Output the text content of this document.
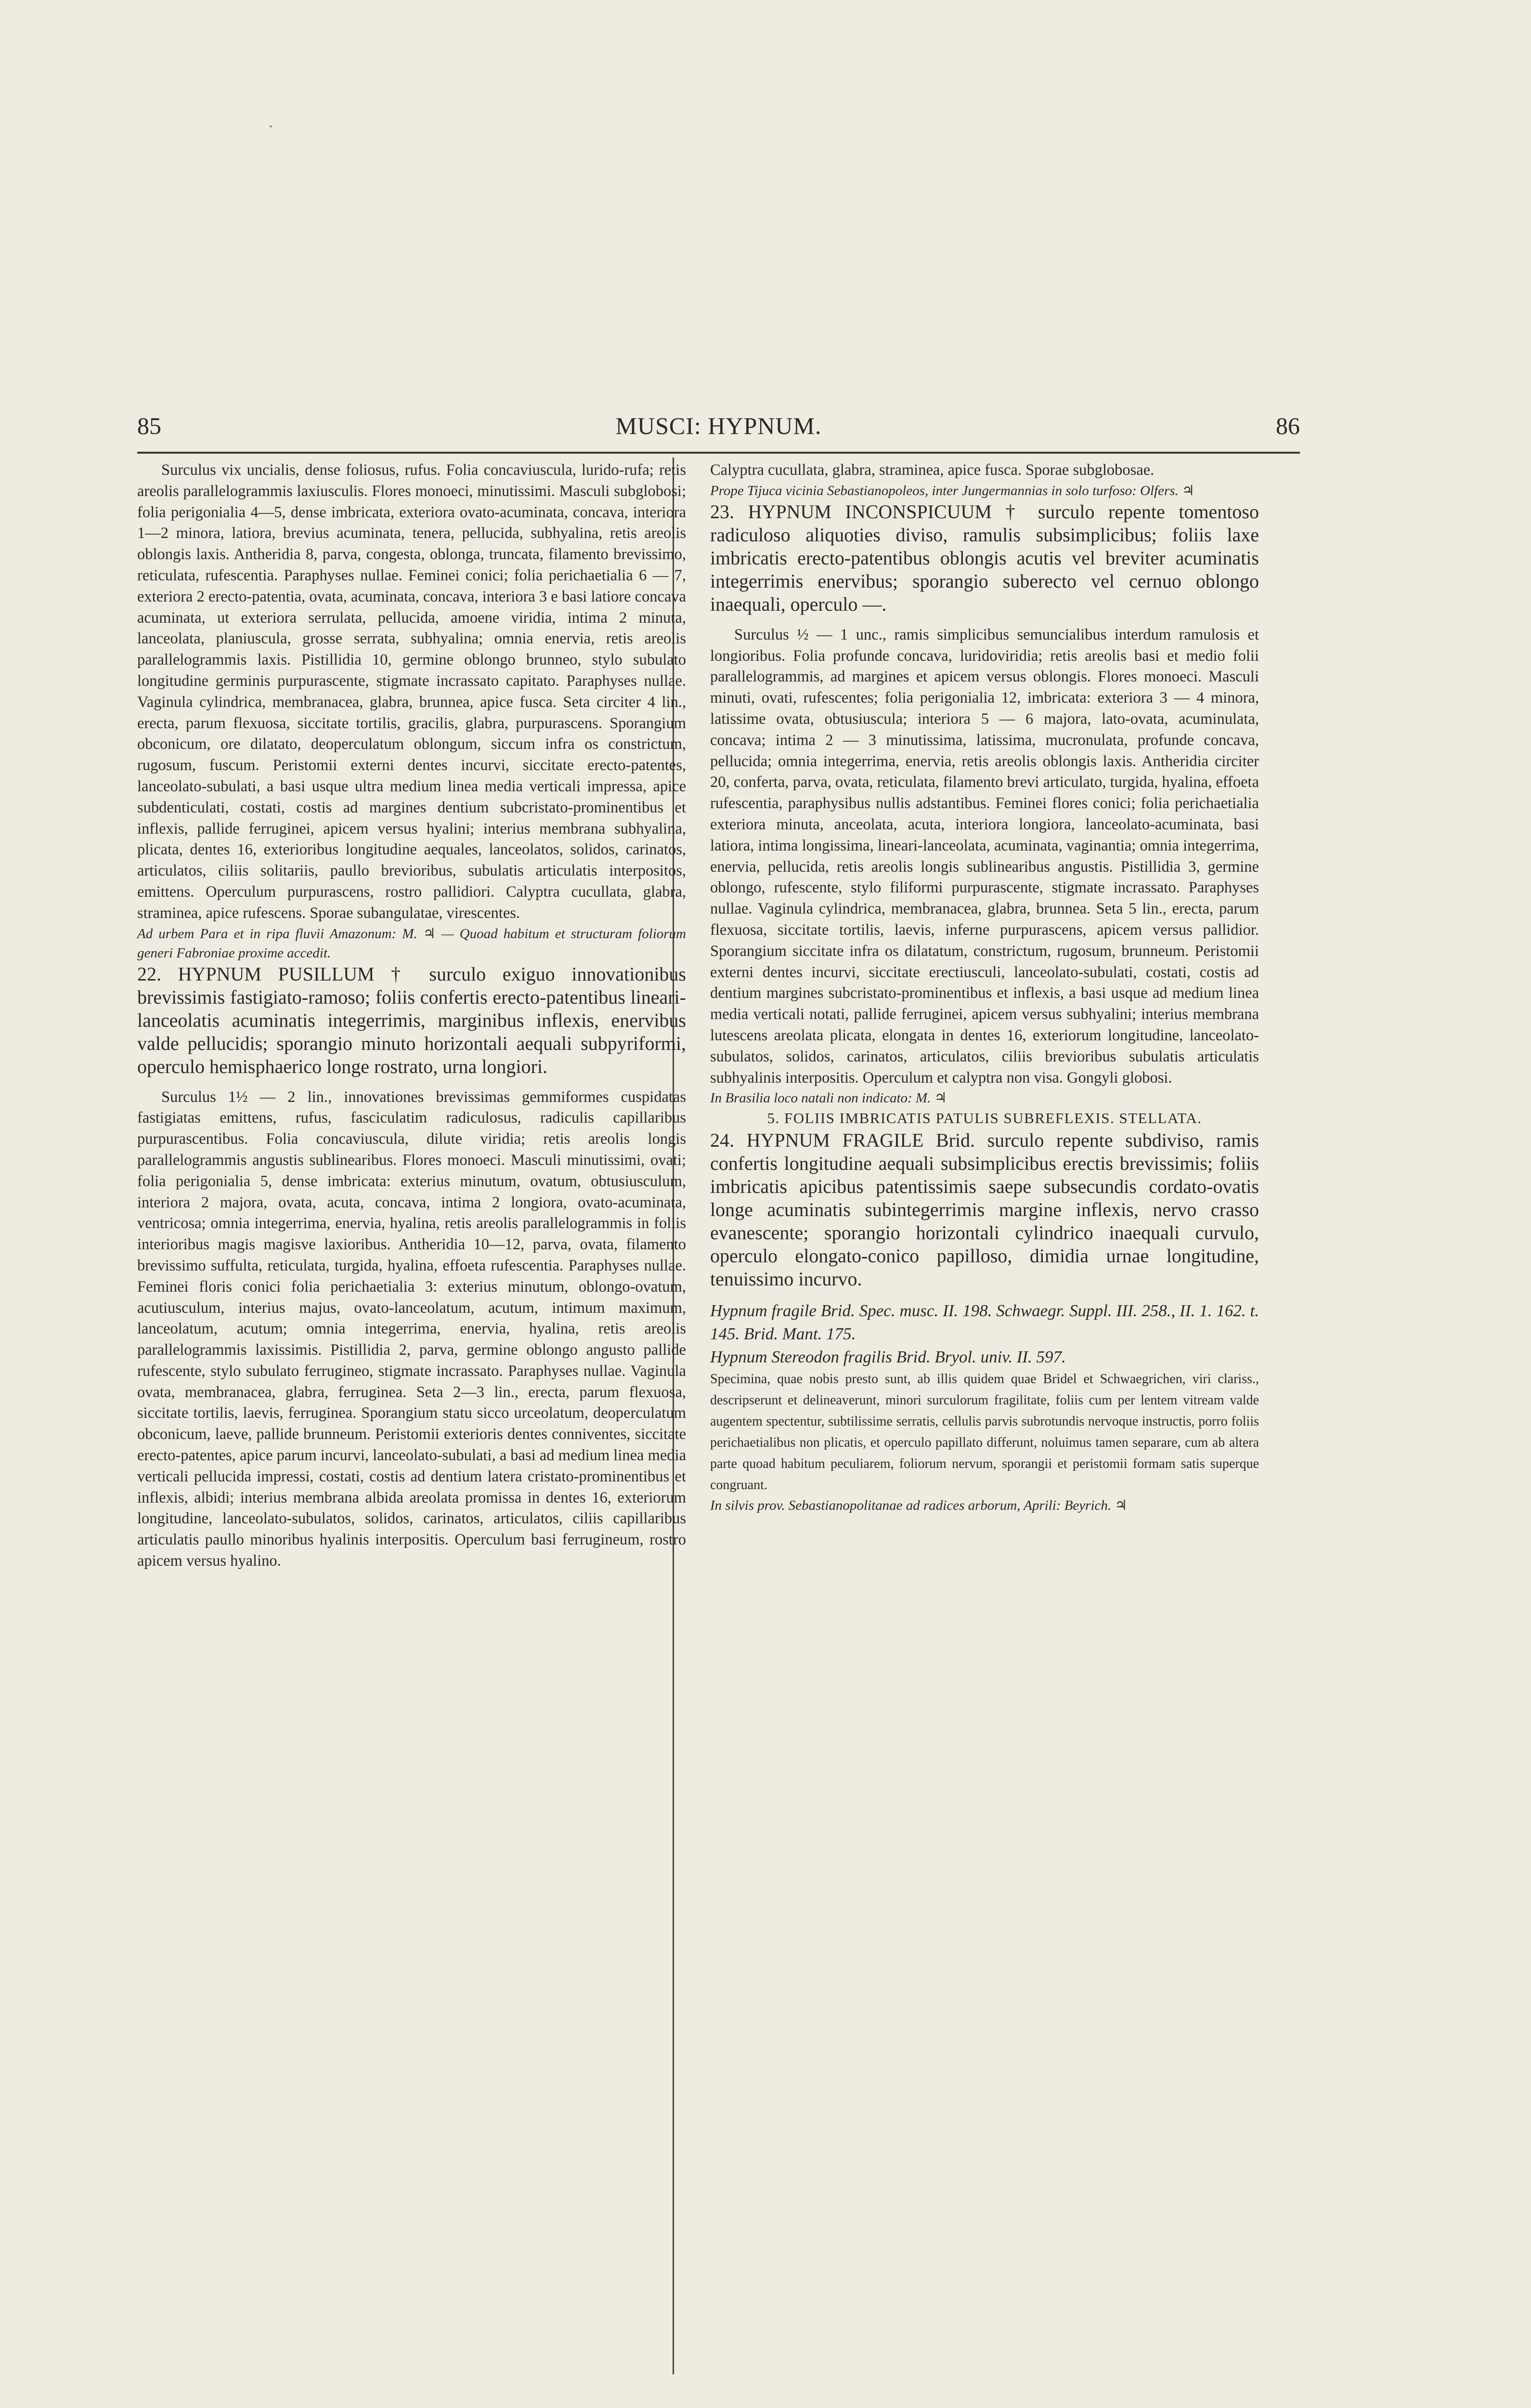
85	MUSCI: HYPNUM.	86

Surculus vix uncialis, dense foliosus, rufus. Folia concaviuscula, lurido-rufa; retis areolis parallelogrammis laxiusculis. Flores monoeci, minutissimi. Masculi subglobosi; folia perigonialia 4—5, dense imbricata, exteriora ovato-acuminata, concava, interiora 1—2 minora, latiora, brevius acuminata, tenera, pellucida, subhyalina, retis areolis oblongis laxis. Antheridia 8, parva, congesta, oblonga, truncata, filamento brevissimo, reticulata, rufescentia. Paraphyses nullae. Feminei conici; folia perichaetialia 6 — 7, exteriora 2 erecto-patentia, ovata, acuminata, concava, interiora 3 e basi latiore concava acuminata, ut exteriora serrulata, pellucida, amoene viridia, intima 2 minuta, lanceolata, planiuscula, grosse serrata, subhyalina; omnia enervia, retis areolis parallelogrammis laxis. Pistillidia 10, germine oblongo brunneo, stylo subulato longitudine germinis purpurascente, stigmate incrassato capitato. Paraphyses nullae. Vaginula cylindrica, membranacea, glabra, brunnea, apice fusca. Seta circiter 4 lin., erecta, parum flexuosa, siccitate tortilis, gracilis, glabra, purpurascens. Sporangium obconicum, ore dilatato, deoperculatum oblongum, siccum infra os constrictum, rugosum, fuscum. Peristomii externi dentes incurvi, siccitate erecto-patentes, lanceolato-subulati, a basi usque ultra medium linea media verticali impressa, apice subdenticulati, costati, costis ad margines dentium subcristato-prominentibus et inflexis, pallide ferruginei, apicem versus hyalini; interius membrana subhyalina, plicata, dentes 16, exterioribus longitudine aequales, lanceolatos, solidos, carinatos, articulatos, ciliis solitariis, paullo brevioribus, subulatis articulatis interpositos, emittens. Operculum purpurascens, rostro pallidiori. Calyptra cucullata, glabra, straminea, apice rufescens. Sporae subangulatae, virescentes.

Ad urbem Para et in ripa fluvii Amazonum: M. ♃ — Quoad habitum et structuram foliorum generi Fabroniae proxime accedit.

22. HYPNUM PUSILLUM † surculo exiguo innovationibus brevissimis fastigiato-ramoso; foliis confertis erecto-patentibus lineari-lanceolatis acuminatis integerrimis, marginibus inflexis, enervibus valde pellucidis; sporangio minuto horizontali aequali subpyriformi, operculo hemisphaerico longe rostrato, urna longiori.

Surculus 1½ — 2 lin., innovationes brevissimas gemmiformes cuspidatas fastigiatas emittens, rufus, fasciculatim radiculosus, radiculis capillaribus purpurascentibus. Folia concaviuscula, dilute viridia; retis areolis longis parallelogrammis angustis sublinearibus. Flores monoeci. Masculi minutissimi, ovati; folia perigonialia 5, dense imbricata: exterius minutum, ovatum, obtusiusculum, interiora 2 majora, ovata, acuta, concava, intima 2 longiora, ovato-acuminata, ventricosa; omnia integerrima, enervia, hyalina, retis areolis parallelogrammis in foliis interioribus magis magisve laxioribus. Antheridia 10—12, parva, ovata, filamento brevissimo suffulta, reticulata, turgida, hyalina, effoeta rufescentia. Paraphyses nullae. Feminei floris conici folia perichaetialia 3: exterius minutum, oblongo-ovatum, acutiusculum, interius majus, ovato-lanceolatum, acutum, intimum maximum, lanceolatum, acutum; omnia integerrima, enervia, hyalina, retis areolis parallelogrammis laxissimis. Pistillidia 2, parva, germine oblongo angusto pallide rufescente, stylo subulato ferrugineo, stigmate incrassato. Paraphyses nullae. Vaginula ovata, membranacea, glabra, ferruginea. Seta 2—3 lin., erecta, parum flexuosa, siccitate tortilis, laevis, ferruginea. Sporangium statu sicco urceolatum, deoperculatum obconicum, laeve, pallide brunneum. Peristomii exterioris dentes conniventes, siccitate erecto-patentes, apice parum incurvi, lanceolato-subulati, a basi ad medium linea media verticali pellucida impressi, costati, costis ad dentium latera cristato-prominentibus et inflexis, albidi; interius membrana albida areolata promissa in dentes 16, exteriorum longitudine, lanceolato-subulatos, solidos, carinatos, articulatos, ciliis capillaribus articulatis paullo minoribus hyalinis interpositis. Operculum basi ferrugineum, rostro apicem versus hyalino.

Calyptra cucullata, glabra, straminea, apice fusca. Sporae subglobosae.

Prope Tijuca vicinia Sebastianopoleos, inter Jungermannias in solo turfoso: Olfers. ♃

23. HYPNUM INCONSPICUUM † surculo repente tomentoso radiculoso aliquoties diviso, ramulis subsimplicibus; foliis laxe imbricatis erecto-patentibus oblongis acutis vel breviter acuminatis integerrimis enervibus; sporangio suberecto vel cernuo oblongo inaequali, operculo —.

Surculus ½ — 1 unc., ramis simplicibus semuncialibus interdum ramulosis et longioribus. Folia profunde concava, luridoviridia; retis areolis basi et medio folii parallelogrammis, ad margines et apicem versus oblongis. Flores monoeci. Masculi minuti, ovati, rufescentes; folia perigonialia 12, imbricata: exteriora 3 — 4 minora, latissime ovata, obtusiuscula; interiora 5 — 6 majora, lato-ovata, acuminulata, concava; intima 2 — 3 minutissima, latissima, mucronulata, profunde concava, pellucida; omnia integerrima, enervia, retis areolis oblongis laxis. Antheridia circiter 20, conferta, parva, ovata, reticulata, filamento brevi articulato, turgida, hyalina, effoeta rufescentia, paraphysibus nullis adstantibus. Feminei flores conici; folia perichaetialia exteriora minuta, anceolata, acuta, interiora longiora, lanceolato-acuminata, basi latiora, intima longissima, lineari-lanceolata, acuminata, vaginantia; omnia integerrima, enervia, pellucida, retis areolis longis sublinearibus angustis. Pistillidia 3, germine oblongo, rufescente, stylo filiformi purpurascente, stigmate incrassato. Paraphyses nullae. Vaginula cylindrica, membranacea, glabra, brunnea. Seta 5 lin., erecta, parum flexuosa, siccitate tortilis, laevis, inferne purpurascens, apicem versus pallidior. Sporangium siccitate infra os dilatatum, constrictum, rugosum, brunneum. Peristomii externi dentes incurvi, siccitate erectiusculi, lanceolato-subulati, costati, costis ad dentium margines subcristato-prominentibus et inflexis, a basi usque ad medium linea media verticali notati, pallide ferruginei, apicem versus subhyalini; interius membrana lutescens areolata plicata, elongata in dentes 16, exteriorum longitudine, lanceolato-subulatos, solidos, carinatos, articulatos, ciliis brevioribus subulatis articulatis subhyalinis interpositis. Operculum et calyptra non visa. Gongyli globosi.

In Brasilia loco natali non indicato: M. ♃

5. FOLIIS IMBRICATIS PATULIS SUBREFLEXIS. STELLATA.

24. HYPNUM FRAGILE Brid. surculo repente subdiviso, ramis confertis longitudine aequali subsimplicibus erectis brevissimis; foliis imbricatis apicibus patentissimis saepe subsecundis cordato-ovatis longe acuminatis subintegerrimis margine inflexis, nervo crasso evanescente; sporangio horizontali cylindrico inaequali curvulo, operculo elongato-conico papilloso, dimidia urnae longitudine, tenuissimo incurvo.

Hypnum fragile Brid. Spec. musc. II. 198. Schwaegr. Suppl. III. 258., II. 1. 162. t. 145. Brid. Mant. 175.

Hypnum Stereodon fragilis Brid. Bryol. univ. II. 597.

Specimina, quae nobis presto sunt, ab illis quidem quae Bridel et Schwaegrichen, viri clariss., descripserunt et delineaverunt, minori surculorum fragilitate, foliis cum per lentem vitream valde augentem spectentur, subtilissime serratis, cellulis parvis subrotundis nervoque instructis, porro foliis perichaetialibus non plicatis, et operculo papillato differunt, noluimus tamen separare, cum ab altera parte quoad habitum peculiarem, foliorum nervum, sporangii et peristomii formam satis superque congruant.

In silvis prov. Sebastianopolitanae ad radices arborum, Aprili: Beyrich. ♃
